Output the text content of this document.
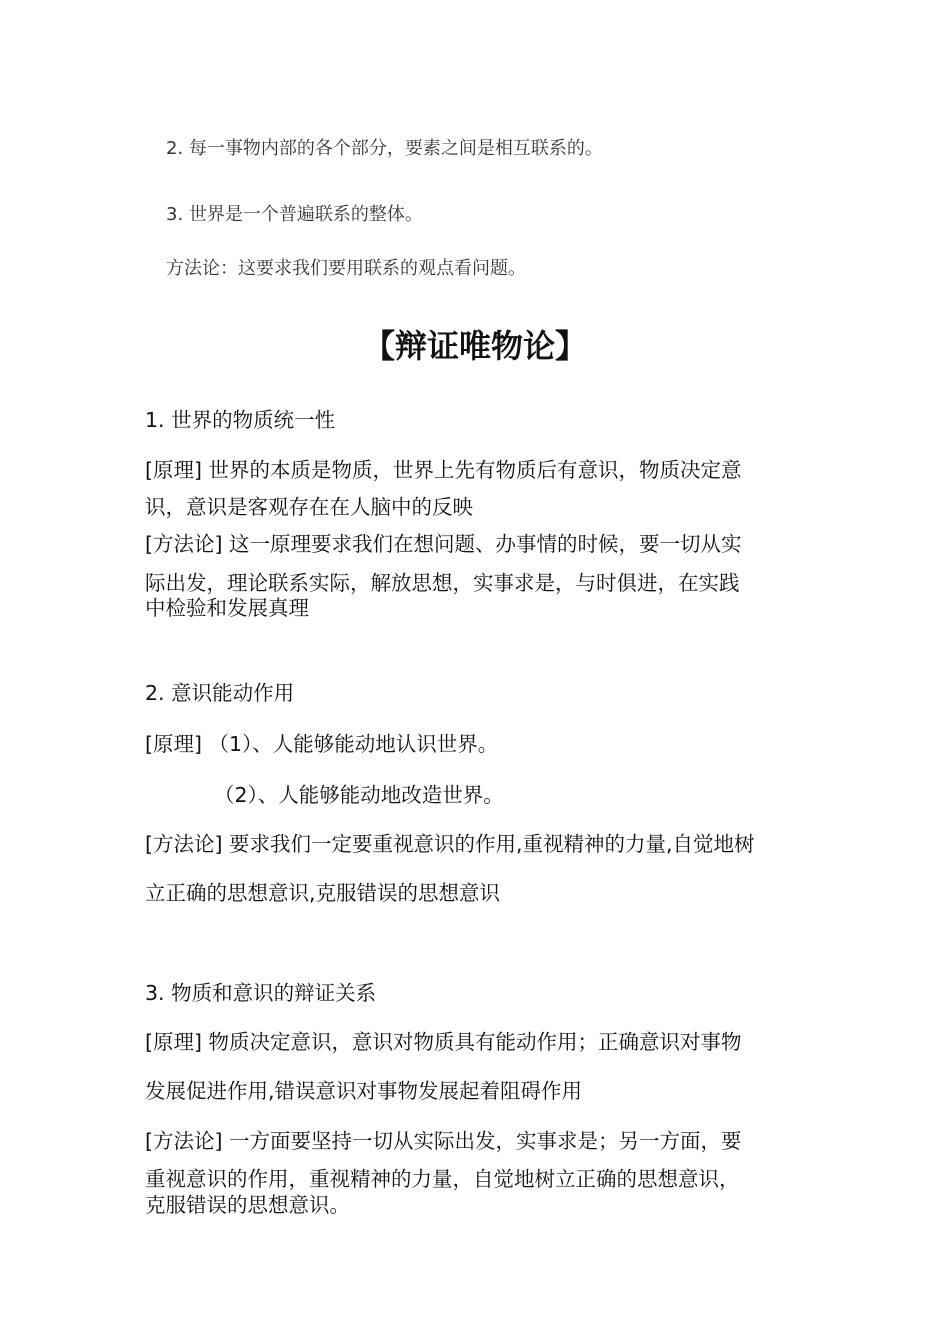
2. 每一事物内部的各个部分，要素之间是相互联系的。

3. 世界是一个普遍联系的整体。

方法论：这要求我们要用联系的观点看问题。

【辩证唯物论】

1. 世界的物质统一性

[原理] 世界的本质是物质，世界上先有物质后有意识，物质决定意

识，意识是客观存在在人脑中的反映

[方法论] 这一原理要求我们在想问题、办事情的时候，要一切从实

际出发，理论联系实际，解放思想，实事求是，与时俱进，在实践

中检验和发展真理

2. 意识能动作用

[原理] （1）、人能够能动地认识世界。

（2）、人能够能动地改造世界。

[方法论] 要求我们一定要重视意识的作用,重视精神的力量,自觉地树

立正确的思想意识,克服错误的思想意识

3. 物质和意识的辩证关系

[原理] 物质决定意识，意识对物质具有能动作用；正确意识对事物

发展促进作用,错误意识对事物发展起着阻碍作用

[方法论] 一方面要坚持一切从实际出发，实事求是；另一方面，要

重视意识的作用，重视精神的力量，自觉地树立正确的思想意识，

克服错误的思想意识。
